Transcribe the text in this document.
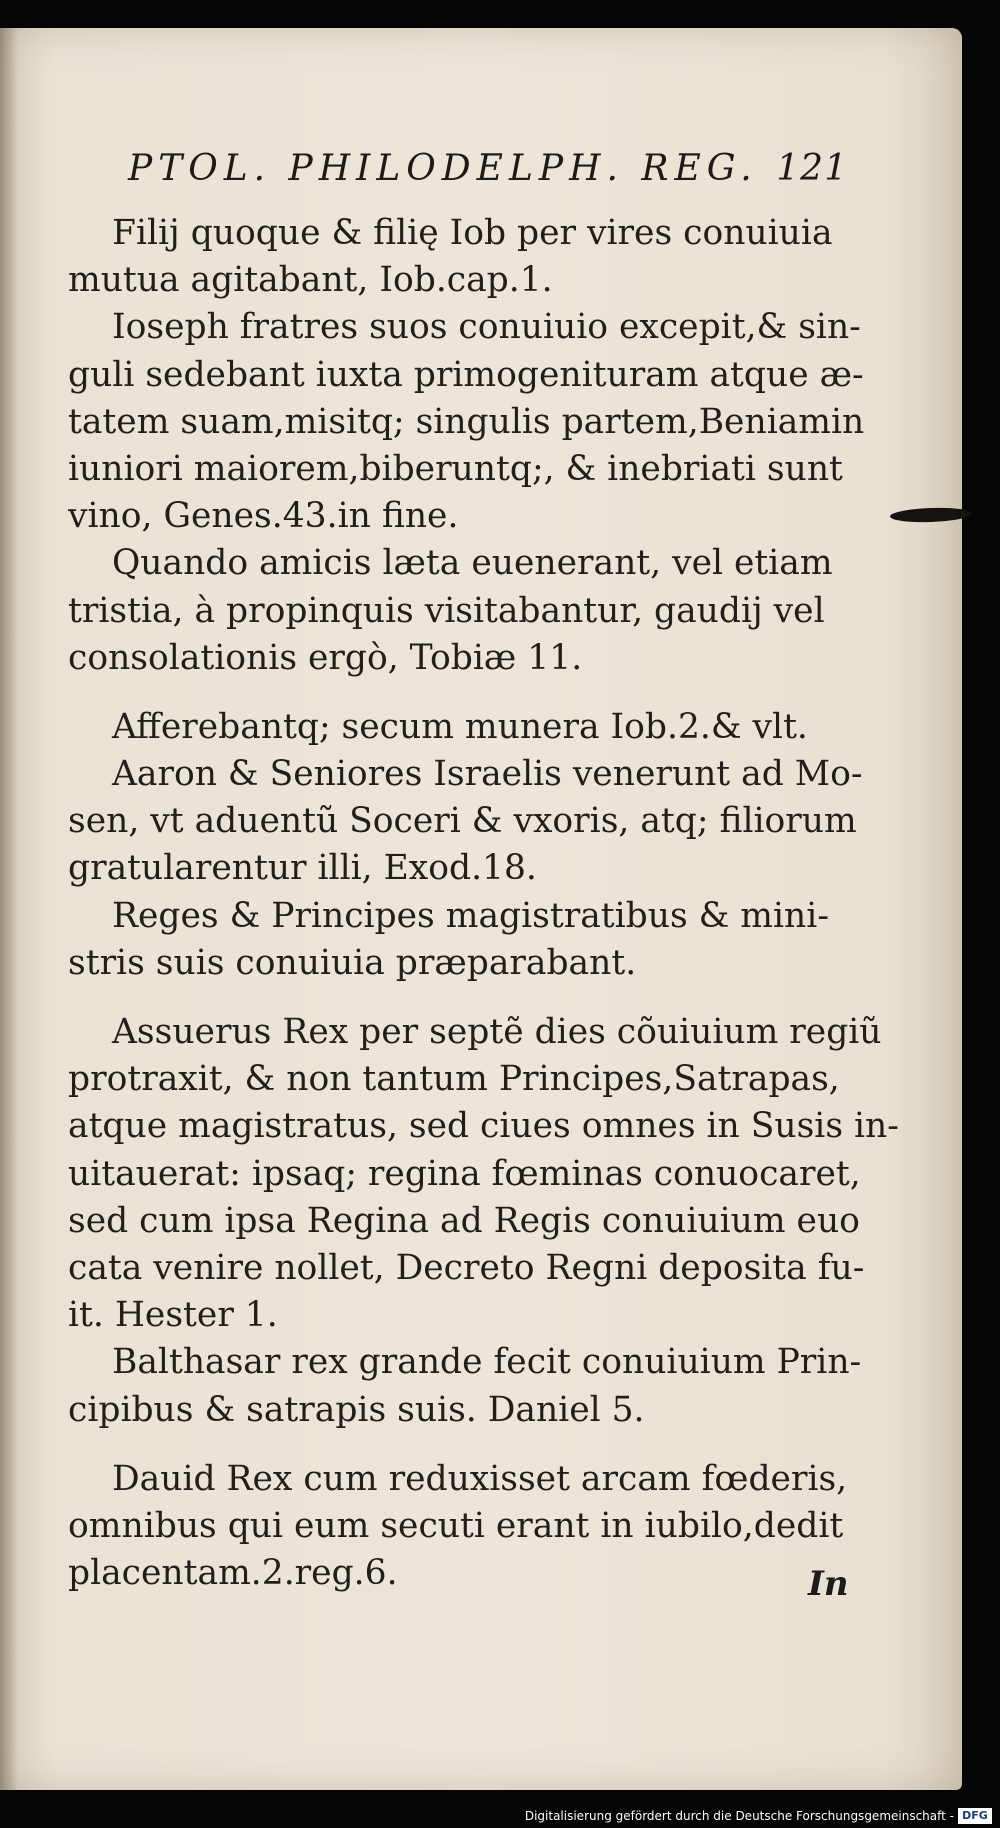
PTOL. PHILODELPH. REG. 121
Filij quoque & filię Iob per vires conuiuia
mutua agitabant, Iob.cap.1.
Ioseph fratres suos conuiuio excepit,& sin-
guli sedebant iuxta primogenituram atque æ-
tatem suam,misitq; singulis partem,Beniamin
iuniori maiorem,biberuntq;, & inebriati sunt
vino, Genes.43.in fine.
Quando amicis læta euenerant, vel etiam
tristia, à propinquis visitabantur, gaudij vel
consolationis ergò, Tobiæ 11.
Afferebantq; secum munera Iob.2.& vlt.
Aaron & Seniores Israelis venerunt ad Mo-
sen, vt aduentũ Soceri & vxoris, atq; filiorum
gratularentur illi, Exod.18.
Reges & Principes magistratibus & mini-
stris suis conuiuia præparabant.
Assuerus Rex per septẽ dies cõuiuium regiũ
protraxit, & non tantum Principes,Satrapas,
atque magistratus, sed ciues omnes in Susis in-
uitauerat: ipsaq; regina fœminas conuocaret,
sed cum ipsa Regina ad Regis conuiuium euo
cata venire nollet, Decreto Regni deposita fu-
it. Hester 1.
Balthasar rex grande fecit conuiuium Prin-
cipibus & satrapis suis. Daniel 5.
Dauid Rex cum reduxisset arcam fœderis,
omnibus qui eum secuti erant in iubilo,dedit
placentam.2.reg.6.	In
Digitalisierung gefördert durch die Deutsche Forschungsgemeinschaft - DFG
